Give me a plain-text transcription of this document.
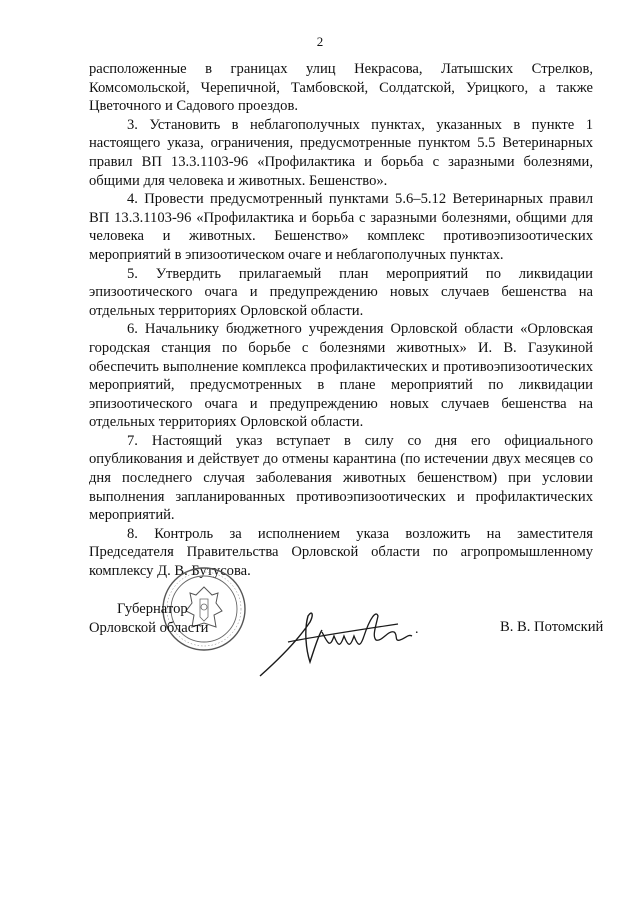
2

расположенные в границах улиц Некрасова, Латышских Стрелков, Комсомольской, Черепичной, Тамбовской, Солдатской, Урицкого, а также Цветочного и Садового проездов.

3. Установить в неблагополучных пунктах, указанных в пункте 1 настоящего указа, ограничения, предусмотренные пунктом 5.5 Ветеринарных правил ВП 13.3.1103-96 «Профилактика и борьба с заразными болезнями, общими для человека и животных. Бешенство».

4. Провести предусмотренный пунктами 5.6–5.12 Ветеринарных правил ВП 13.3.1103-96 «Профилактика и борьба с заразными болезнями, общими для человека и животных. Бешенство» комплекс противоэпизоотических мероприятий в эпизоотическом очаге и неблагополучных пунктах.

5. Утвердить прилагаемый план мероприятий по ликвидации эпизоотического очага и предупреждению новых случаев бешенства на отдельных территориях Орловской области.

6. Начальнику бюджетного учреждения Орловской области «Орловская городская станция по борьбе с болезнями животных» И. В. Газукиной обеспечить выполнение комплекса профилактических и противоэпизоотических мероприятий, предусмотренных в плане мероприятий по ликвидации эпизоотического очага и предупреждению новых случаев бешенства на отдельных территориях Орловской области.

7. Настоящий указ вступает в силу со дня его официального опубликования и действует до отмены карантина (по истечении двух месяцев со дня последнего случая заболевания животных бешенством) при условии выполнения запланированных противоэпизоотических и профилактических мероприятий.

8. Контроль за исполнением указа возложить на заместителя Председателя Правительства Орловской области по агропромышленному комплексу Д. В. Бутусова.

Губернатор
Орловской области	.	В. В. Потомский
